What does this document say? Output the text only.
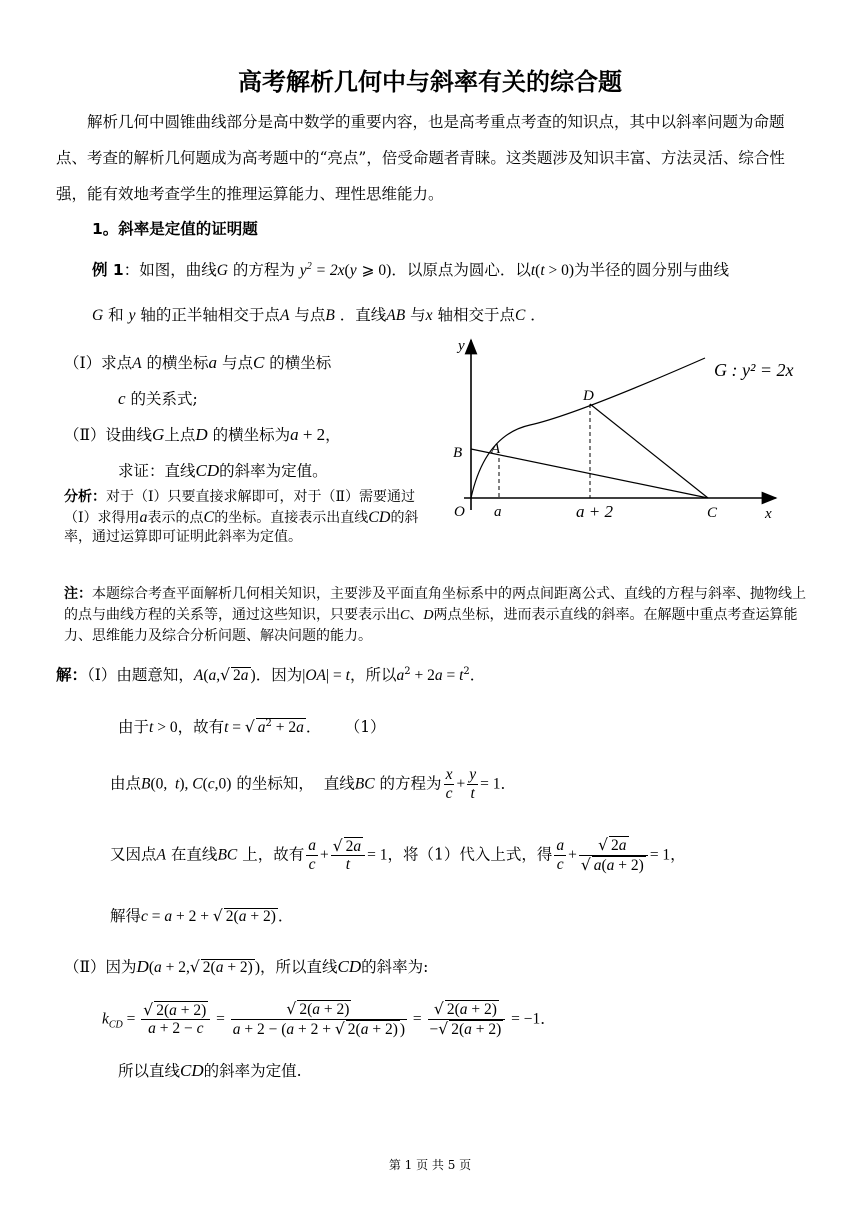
高考解析几何中与斜率有关的综合题
解析几何中圆锥曲线部分是高中数学的重要内容，也是高考重点考查的知识点，其中以斜率问题为命题点、考查的解析几何题成为高考题中的“亮点”，倍受命题者青睐。这类题涉及知识丰富、方法灵活、综合性强，能有效地考查学生的推理运算能力、理性思维能力。
1。斜率是定值的证明题
例 1：如图，曲线G 的方程为 $y^2 = 2x(y$ ⩾ 0)．以原点为圆心．以t(t > 0)为半径的圆分别与曲线
G 和 y 轴的正半轴相交于点A 与点B ．直线AB 与x 轴相交于点C ．
（Ⅰ）求点A 的横坐标a 与点C 的横坐标
c 的关系式;
（Ⅱ）设曲线G上点D 的横坐标为a + 2，
求证：直线CD的斜率为定值。
分析：对于（Ⅰ）只要直接求解即可，对于（Ⅱ）需要通过（Ⅰ）求得用a表示的点C的坐标。直接表示出直线CD的斜率，通过运算即可证明此斜率为定值。
注：本题综合考查平面解析几何相关知识，主要涉及平面直角坐标系中的两点间距离公式、直线的方程与斜率、抛物线上的点与曲线方程的关系等，通过这些知识，只要表示出C、D两点坐标，进而表示直线的斜率。在解题中重点考查运算能力、思维能力及综合分析问题、解决问题的能力。
y
x
O
B A
D
a	a + 2	C
G : y² = 2x
解：（Ⅰ）由题意知，A(a,√ 2a )．因为|OA| = t，所以$a^2 + 2a = t^2$．
由于t > 0，故有t = √ $a^2 + 2a$ ．      （1）
由点B(0,  t), C(c,0) 的坐标知， 直线BC 的方程为 $\frac{x}{c} + \frac{y}{t} = 1$．
又因点A 在直线BC 上，故有 $\frac{a}{c} + \frac{√ 2a}{t} = 1$，将（1）代入上式，得 $\frac{a}{c} + \frac{√ 2a}{√ a(a + 2)} = 1$，
解得c = a + 2 + √ 2(a + 2) ．
（Ⅱ）因为D(a + 2,√ 2(a + 2) )，所以直线CD的斜率为:
$k_{CD} = \frac{√ 2(a + 2)}{a + 2 - c} = \frac{√ 2(a + 2)}{a + 2 - (a + 2 + √ 2(a + 2) )} = \frac{√ 2(a + 2)}{-√ 2(a + 2)} = -1$．
所以直线CD的斜率为定值.
第 1 页 共 5 页
